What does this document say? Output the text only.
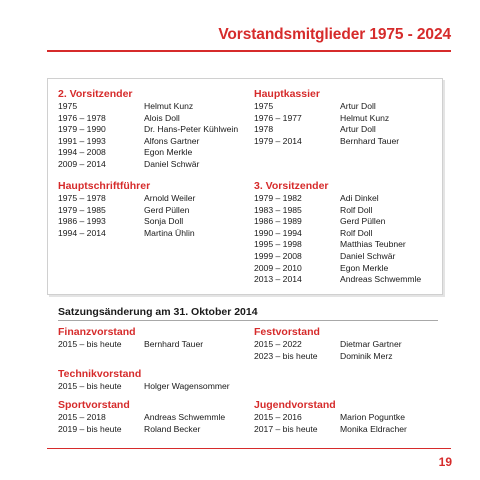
Vorstandsmitglieder 1975 - 2024
2. Vorsitzender
1975	Helmut Kunz
1976 – 1978	Alois Doll
1979 – 1990	Dr. Hans-Peter Kühlwein
1991 – 1993	Alfons Gartner
1994 – 2008	Egon Merkle
2009 – 2014	Daniel Schwär
Hauptkassier
1975	Artur Doll
1976 – 1977	Helmut Kunz
1978	Artur Doll
1979 – 2014	Bernhard Tauer
Hauptschriftführer
1975 – 1978	Arnold Weiler
1979 – 1985	Gerd Püllen
1986 – 1993	Sonja Doll
1994 – 2014	Martina Ühlin
3. Vorsitzender
1979 – 1982	Adi Dinkel
1983 – 1985	Rolf Doll
1986 – 1989	Gerd Püllen
1990 – 1994	Rolf Doll
1995 – 1998	Matthias Teubner
1999 – 2008	Daniel Schwär
2009 – 2010	Egon Merkle
2013 – 2014	Andreas Schwemmle
Satzungsänderung am 31. Oktober 2014
Finanzvorstand
2015 – bis heute	Bernhard Tauer
Festvorstand
2015 – 2022	Dietmar Gartner
2023 – bis heute	Dominik Merz
Technikvorstand
2015 – bis heute	Holger Wagensommer
Sportvorstand
2015 – 2018	Andreas Schwemmle
2019 – bis heute	Roland Becker
Jugendvorstand
2015 – 2016	Marion Poguntke
2017 – bis heute	Monika Eldracher
19
